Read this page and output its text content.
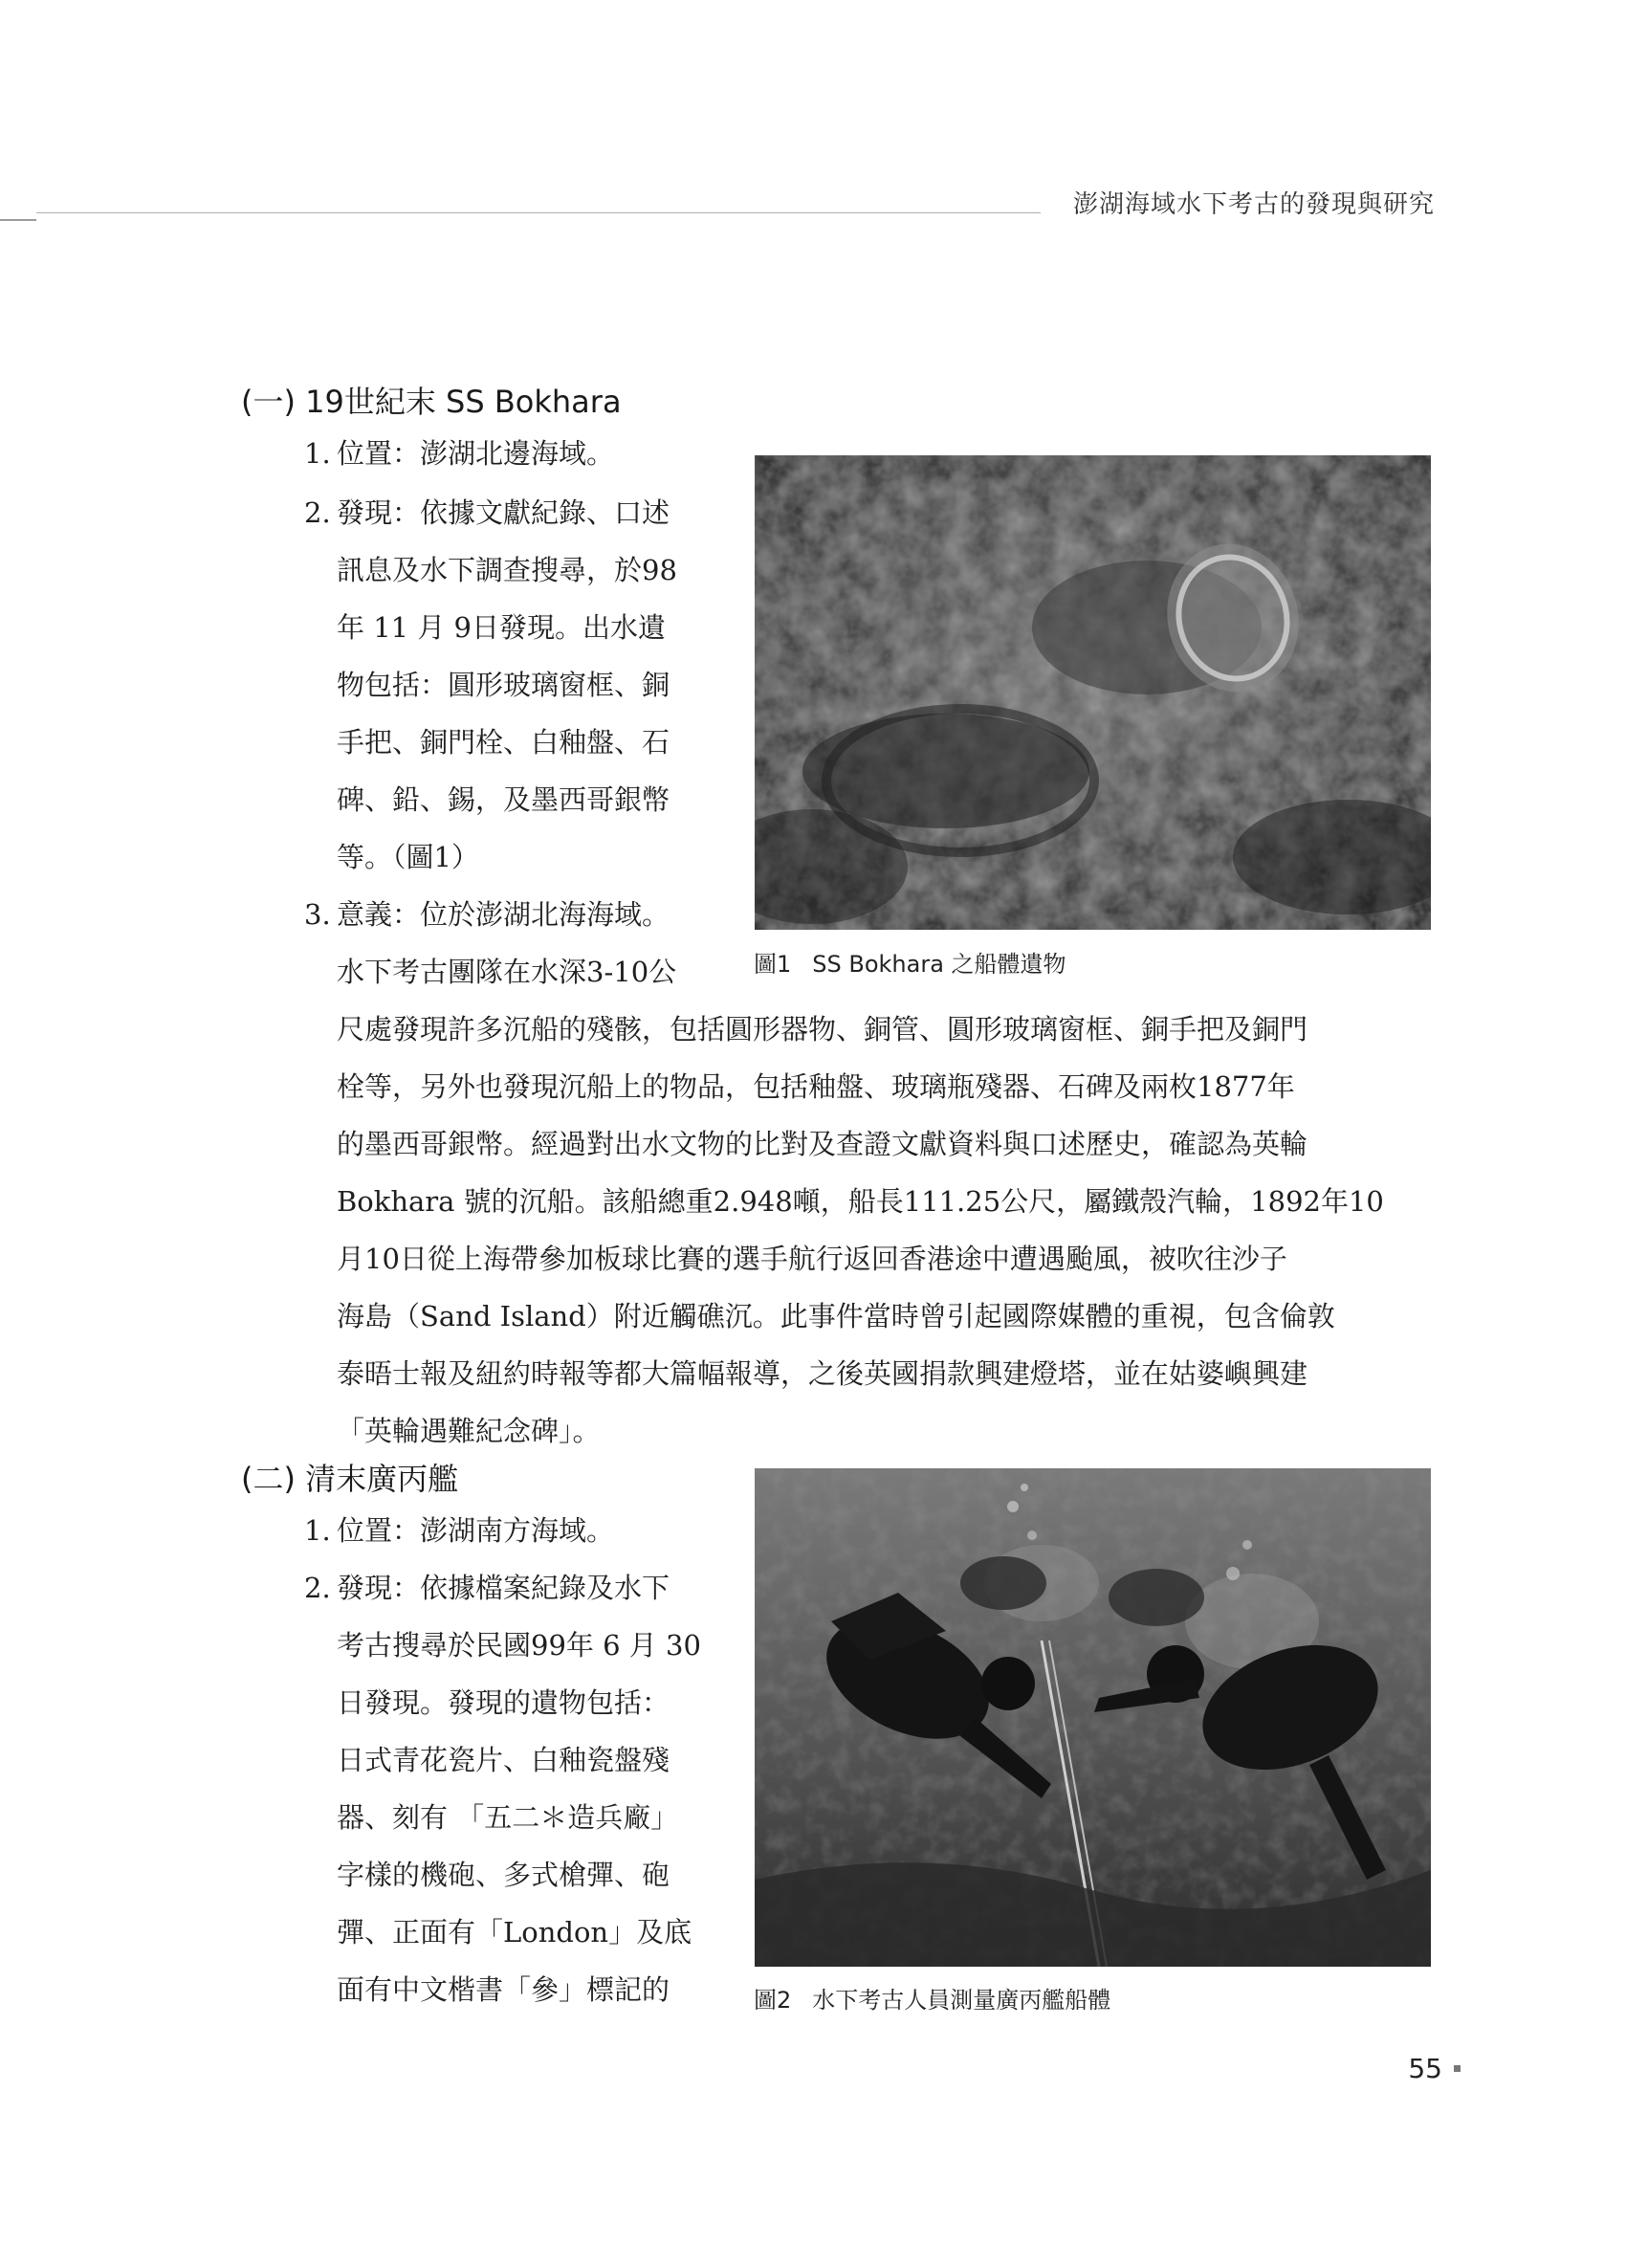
澎湖海域水下考古的發現與研究
(一) 19世紀末 SS Bokhara
1. 位置：澎湖北邊海域。
2. 發現：依據文獻紀錄、口述
訊息及水下調查搜尋，於98
年 11 月 9日發現。出水遺
物包括：圓形玻璃窗框、銅
手把、銅門栓、白釉盤、石
碑、鉛、錫，及墨西哥銀幣
等。（圖1）
3. 意義：位於澎湖北海海域。
水下考古團隊在水深3-10公
尺處發現許多沉船的殘骸，包括圓形器物、銅管、圓形玻璃窗框、銅手把及銅門
栓等，另外也發現沉船上的物品，包括釉盤、玻璃瓶殘器、石碑及兩枚1877年
的墨西哥銀幣。經過對出水文物的比對及查證文獻資料與口述歷史，確認為英輪
Bokhara 號的沉船。該船總重2.948噸，船長111.25公尺，屬鐵殼汽輪，1892年10
月10日從上海帶參加板球比賽的選手航行返回香港途中遭遇颱風，被吹往沙子
海島（Sand Island）附近觸礁沉。此事件當時曾引起國際媒體的重視，包含倫敦
泰晤士報及紐約時報等都大篇幅報導，之後英國捐款興建燈塔，並在姑婆嶼興建
「英輪遇難紀念碑」。
圖1 SS Bokhara 之船體遺物
(二) 清末廣丙艦
1. 位置：澎湖南方海域。
2. 發現：依據檔案紀錄及水下
考古搜尋於民國99年 6 月 30
日發現。發現的遺物包括：
日式青花瓷片、白釉瓷盤殘
器、刻有 「五二＊造兵廠」
字樣的機砲、多式槍彈、砲
彈、正面有「London」及底
面有中文楷書「參」標記的	圖2 水下考古人員測量廣丙艦船體
55
